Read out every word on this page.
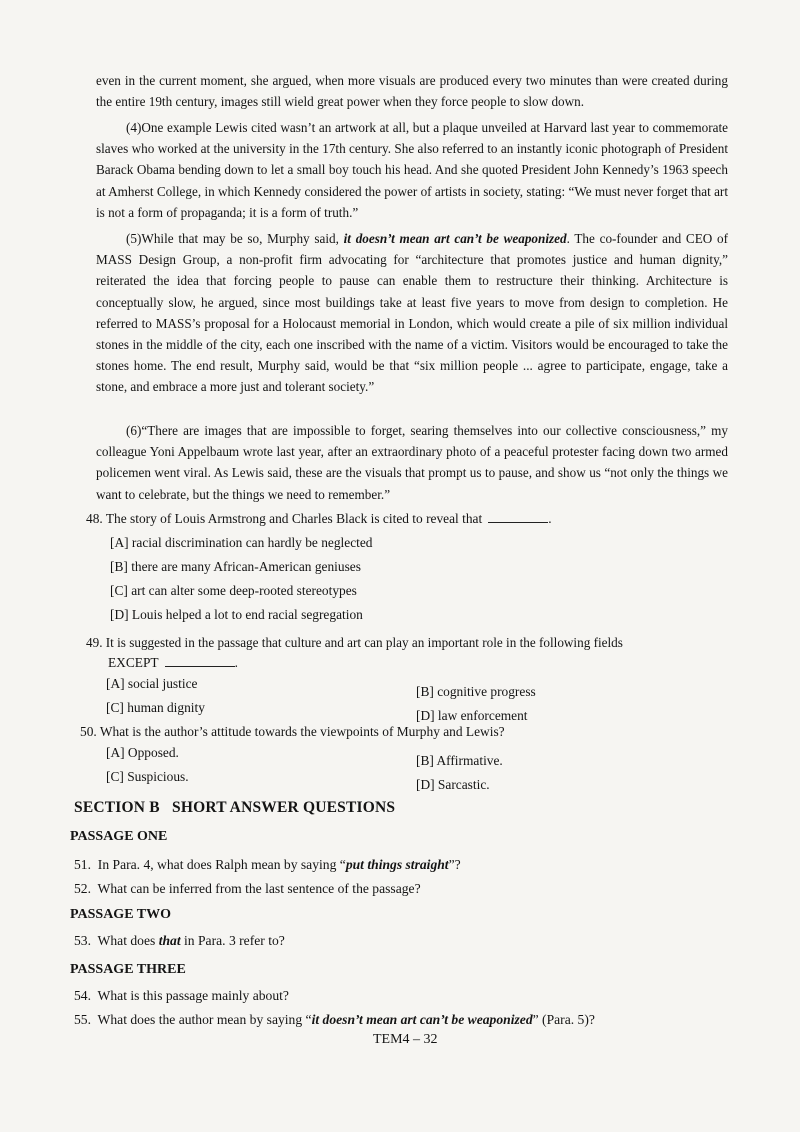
even in the current moment, she argued, when more visuals are produced every two minutes than were created during the entire 19th century, images still wield great power when they force people to slow down.

(4)One example Lewis cited wasn’t an artwork at all, but a plaque unveiled at Harvard last year to commemorate slaves who worked at the university in the 17th century. She also referred to an instantly iconic photograph of President Barack Obama bending down to let a small boy touch his head. And she quoted President John Kennedy’s 1963 speech at Amherst College, in which Kennedy considered the power of artists in society, stating: “We must never forget that art is not a form of propaganda; it is a form of truth.”

(5)While that may be so, Murphy said, it doesn’t mean art can’t be weaponized. The co-founder and CEO of MASS Design Group, a non-profit firm advocating for “architecture that promotes justice and human dignity,” reiterated the idea that forcing people to pause can enable them to restructure their thinking. Architecture is conceptually slow, he argued, since most buildings take at least five years to move from design to completion. He referred to MASS’s proposal for a Holocaust memorial in London, which would create a pile of six million individual stones in the middle of the city, each one inscribed with the name of a victim. Visitors would be encouraged to take the stones home. The end result, Murphy said, would be that “six million people ... agree to participate, engage, take a stone, and embrace a more just and tolerant society.”

(6)“There are images that are impossible to forget, searing themselves into our collective consciousness,” my colleague Yoni Appelbaum wrote last year, after an extraordinary photo of a peaceful protester facing down two armed policemen went viral. As Lewis said, these are the visuals that prompt us to pause, and show us “not only the things we want to celebrate, but the things we need to remember.”

48. The story of Louis Armstrong and Charles Black is cited to reveal that	.
[A] racial discrimination can hardly be neglected
[B] there are many African-American geniuses
[C] art can alter some deep-rooted stereotypes
[D] Louis helped a lot to end racial segregation
49. It is suggested in the passage that culture and art can play an important role in the following fields
EXCEPT	.
[A] social justice
[B] cognitive progress
[C] human dignity
[D] law enforcement
50. What is the author’s attitude towards the viewpoints of Murphy and Lewis?
[A] Opposed.
[B] Affirmative.
[C] Suspicious.
[D] Sarcastic.
SECTION B   SHORT ANSWER QUESTIONS
PASSAGE ONE
51.  In Para. 4, what does Ralph mean by saying “put things straight”?
52.  What can be inferred from the last sentence of the passage?
PASSAGE TWO
53.  What does that in Para. 3 refer to?
PASSAGE THREE
54.  What is this passage mainly about?
55.  What does the author mean by saying “it doesn’t mean art can’t be weaponized” (Para. 5)?
TEM4 – 32
